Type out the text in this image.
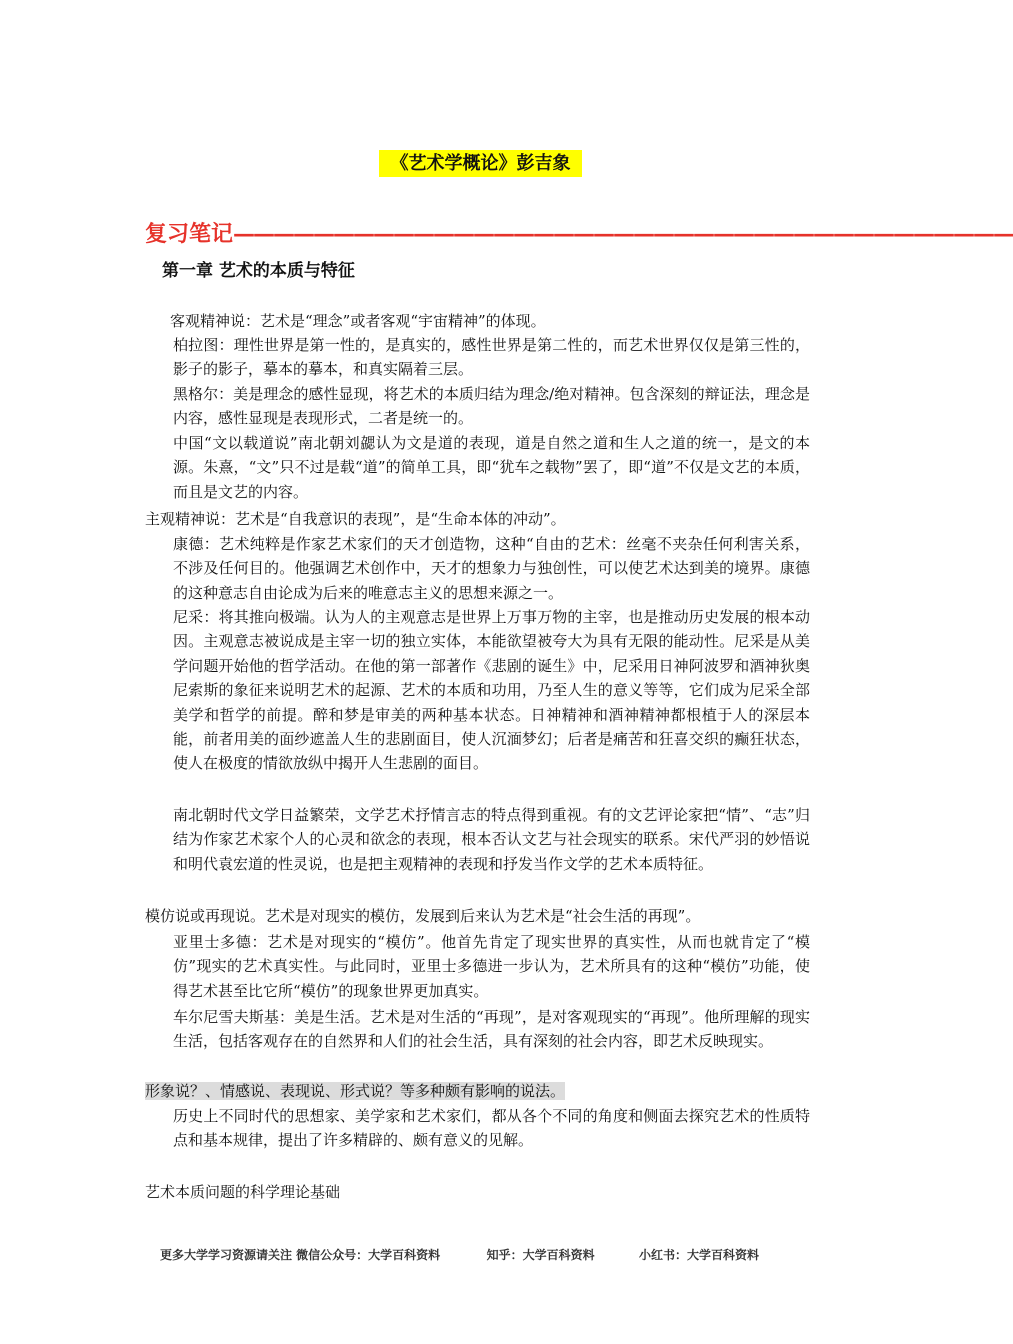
《艺术学概论》彭吉象
复习笔记———————————————————————————————————————
第一章 艺术的本质与特征
客观精神说：艺术是“理念”或者客观“宇宙精神”的体现。
柏拉图：理性世界是第一性的，是真实的，感性世界是第二性的，而艺术世界仅仅是第三性的，影子的影子，摹本的摹本，和真实隔着三层。
黑格尔：美是理念的感性显现，将艺术的本质归结为理念/绝对精神。包含深刻的辩证法，理念是内容，感性显现是表现形式，二者是统一的。
中国“文以载道说”南北朝刘勰认为文是道的表现，道是自然之道和生人之道的统一，是文的本源。朱熹，“文”只不过是载“道”的简单工具，即“犹车之载物”罢了，即“道”不仅是文艺的本质，而且是文艺的内容。
主观精神说：艺术是“自我意识的表现”，是“生命本体的冲动”。
康德：艺术纯粹是作家艺术家们的天才创造物，这种“自由的艺术：丝毫不夹杂任何利害关系，不涉及任何目的。他强调艺术创作中，天才的想象力与独创性，可以使艺术达到美的境界。康德的这种意志自由论成为后来的唯意志主义的思想来源之一。
尼采：将其推向极端。认为人的主观意志是世界上万事万物的主宰，也是推动历史发展的根本动因。主观意志被说成是主宰一切的独立实体，本能欲望被夸大为具有无限的能动性。尼采是从美学问题开始他的哲学活动。在他的第一部著作《悲剧的诞生》中，尼采用日神阿波罗和酒神狄奥尼索斯的象征来说明艺术的起源、艺术的本质和功用，乃至人生的意义等等，它们成为尼采全部美学和哲学的前提。醉和梦是审美的两种基本状态。日神精神和酒神精神都根植于人的深层本能，前者用美的面纱遮盖人生的悲剧面目，使人沉湎梦幻；后者是痛苦和狂喜交织的癫狂状态，使人在极度的情欲放纵中揭开人生悲剧的面目。
南北朝时代文学日益繁荣，文学艺术抒情言志的特点得到重视。有的文艺评论家把“情”、“志”归结为作家艺术家个人的心灵和欲念的表现，根本否认文艺与社会现实的联系。宋代严羽的妙悟说和明代袁宏道的性灵说，也是把主观精神的表现和抒发当作文学的艺术本质特征。
模仿说或再现说。艺术是对现实的模仿，发展到后来认为艺术是“社会生活的再现”。
亚里士多德：艺术是对现实的“模仿”。他首先肯定了现实世界的真实性，从而也就肯定了“模仿”现实的艺术真实性。与此同时，亚里士多德进一步认为，艺术所具有的这种“模仿”功能，使得艺术甚至比它所“模仿”的现象世界更加真实。
车尔尼雪夫斯基：美是生活。艺术是对生活的“再现”，是对客观现实的“再现”。他所理解的现实生活，包括客观存在的自然界和人们的社会生活，具有深刻的社会内容，即艺术反映现实。
形象说？、情感说、表现说、形式说？等多种颇有影响的说法。
历史上不同时代的思想家、美学家和艺术家们，都从各个不同的角度和侧面去探究艺术的性质特点和基本规律，提出了许多精辟的、颇有意义的见解。
艺术本质问题的科学理论基础
更多大学学习资源请关注 微信公众号：大学百科资料	知乎：大学百科资料	小红书：大学百科资料
